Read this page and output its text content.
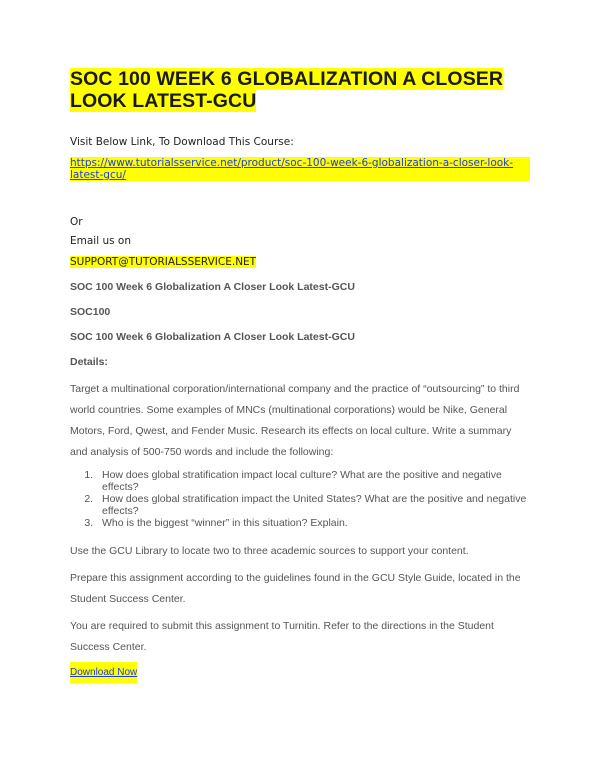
SOC 100 WEEK 6 GLOBALIZATION A CLOSER LOOK LATEST-GCU
Visit Below Link, To Download This Course:
https://www.tutorialsservice.net/product/soc-100-week-6-globalization-a-closer-look-latest-gcu/
Or
Email us on
SUPPORT@TUTORIALSSERVICE.NET
SOC 100 Week 6 Globalization A Closer Look Latest-GCU
SOC100
SOC 100 Week 6 Globalization A Closer Look Latest-GCU
Details:
Target a multinational corporation/international company and the practice of “outsourcing” to third world countries. Some examples of MNCs (multinational corporations) would be Nike, General Motors, Ford, Qwest, and Fender Music. Research its effects on local culture. Write a summary and analysis of 500-750 words and include the following:
1. How does global stratification impact local culture? What are the positive and negative effects?
2. How does global stratification impact the United States? What are the positive and negative effects?
3. Who is the biggest “winner” in this situation? Explain.
Use the GCU Library to locate two to three academic sources to support your content.
Prepare this assignment according to the guidelines found in the GCU Style Guide, located in the Student Success Center.
You are required to submit this assignment to Turnitin. Refer to the directions in the Student Success Center.
Download Now
